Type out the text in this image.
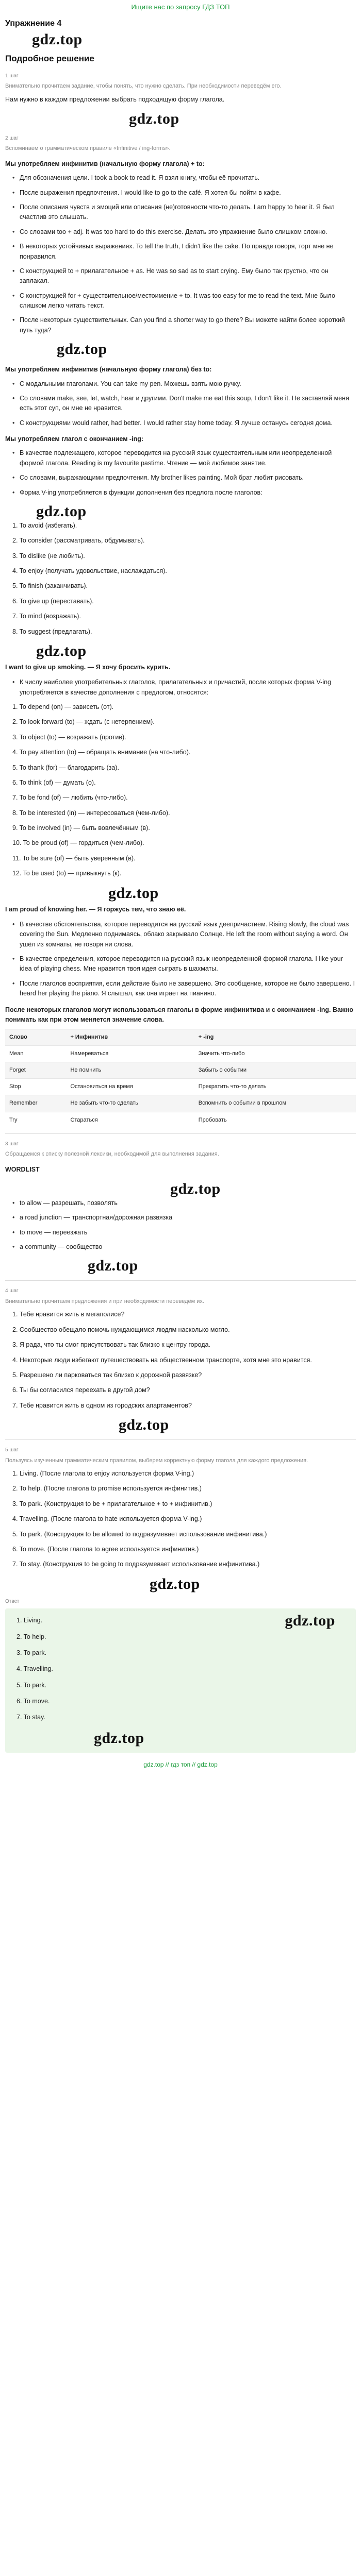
Ищите нас по запросу ГДЗ ТОП
Упражнение 4
gdz.top
Подробное решение
1 шаг
Внимательно прочитаем задание, чтобы понять, что нужно сделать. При необходимости переведём его.

Нам нужно в каждом предложении выбрать подходящую форму глагола.

gdz.top
2 шаг
Вспоминаем о грамматическом правиле «Infinitive / ing-forms».
Мы употребляем инфинитив (начальную форму глагола) + to:
• Для обозначения цели. I took a book to read it. Я взял книгу, чтобы её прочитать.
• После выражения предпочтения. I would like to go to the café. Я хотел бы пойти в кафе.
• После описания чувств и эмоций или описания (не)готовности что-то делать. I am happy to hear it. Я был счастлив это слышать.
• Со словами too + adj. It was too hard to do this exercise. Делать это упражнение было слишком сложно.
• В некоторых устойчивых выражениях. To tell the truth, I didn't like the cake. По правде говоря, торт мне не понравился.
• С конструкцией to + прилагательное + as. He was so sad as to start crying. Ему было так грустно, что он заплакал.
• С конструкцией for + существительное/местоимение + to. It was too easy for me to read the text. Мне было слишком легко читать текст.
• После некоторых существительных. Can you find a shorter way to go there? Вы можете найти более короткий путь туда?
gdz.top
Мы употребляем инфинитив (начальную форму глагола) без to:
• С модальными глаголами. You can take my pen. Можешь взять мою ручку.
• Со словами make, see, let, watch, hear и другими. Don't make me eat this soup, I don't like it. Не заставляй меня есть этот суп, он мне не нравится.
• С конструкциями would rather, had better. I would rather stay home today. Я лучше останусь сегодня дома.
Мы употребляем глагол с окончанием -ing:
• В качестве подлежащего, которое переводится на русский язык существительным или неопределенной формой глагола. Reading is my favourite pastime. Чтение — моё любимое занятие.
• Со словами, выражающими предпочтения. My brother likes painting. Мой брат любит рисовать.
• Форма V-ing употребляется в функции дополнения без предлога после глаголов:
gdz.top
1. To avoid (избегать).
2. To consider (рассматривать, обдумывать).
3. To dislike (не любить).
4. To enjoy (получать удовольствие, наслаждаться).
5. To finish (заканчивать).
6. To give up (переставать).
7. To mind (возражать).
8. To suggest (предлагать).
gdz.top

I want to give up smoking. — Я хочу бросить курить.

• К числу наиболее употребительных глаголов, прилагательных и причастий, после которых форма V-ing употребляется в качестве дополнения с предлогом, относятся:
1. To depend (on) — зависеть (от).
2. To look forward (to) — ждать (с нетерпением).
3. To object (to) — возражать (против).
4. To pay attention (to) — обращать внимание (на что-либо).
5. To thank (for) — благодарить (за).
6. To think (of) — думать (о).
7. To be fond (of) — любить (что-либо).
8. To be interested (in) — интересоваться (чем-либо).
9. To be involved (in) — быть вовлечённым (в).
10. To be proud (of) — гордиться (чем-либо).
11. To be sure (of) — быть уверенным (в).
12. To be used (to) — привыкнуть (к).
gdz.top

I am proud of knowing her. — Я горжусь тем, что знаю её.

• В качестве обстоятельства, которое переводится на русский язык деепричастием. Rising slowly, the cloud was covering the Sun. Медленно поднимаясь, облако закрывало Солнце. He left the room without saying a word. Он ушёл из комнаты, не говоря ни слова.
• В качестве определения, которое переводится на русский язык неопределенной формой глагола. I like your idea of playing chess. Мне нравится твоя идея сыграть в шахматы.
• После глаголов восприятия, если действие было не завершено. Это сообщение, которое не было завершено. I heard her playing the piano. Я слышал, как она играет на пианино.
После некоторых глаголов могут использоваться глаголы в форме инфинитива и с окончанием -ing. Важно понимать как при этом меняется значение слова.
Слово	+ Инфинитив	+ -ing
Mean	Намереваться	Значить что-либо
Forget	Не помнить	Забыть о событии
Stop	Остановиться на время	Прекратить что-то делать
Remember	Не забыть что-то сделать	Вспомнить о событии в прошлом
Try	Стараться	Пробовать
3 шаг
Обращаемся к списку полезной лексики, необходимой для выполнения задания.
WORDLIST
gdz.top
• to allow — разрешать, позволять
• a road junction — транспортная/дорожная развязка
• to move — переезжать
• a community — сообщество
gdz.top
4 шаг
Внимательно прочитаем предложения и при необходимости переведём их.
1. Тебе нравится жить в мегаполисе?
2. Сообщество обещало помочь нуждающимся людям насколько могло.
3. Я рада, что ты смог присутствовать так близко к центру города.
4. Некоторые люди избегают путешествовать на общественном транспорте, хотя мне это нравится.
5. Разрешено ли парковаться так близко к дорожной развязке?
6. Ты бы согласился переехать в другой дом?
7. Тебе нравится жить в одном из городских апартаментов?
gdz.top
5 шаг
Пользуясь изученным грамматическим правилом, выберем корректную форму глагола для каждого предложения.
1. Living. (После глагола to enjoy используется форма V-ing.)
2. To help. (После глагола to promise используется инфинитив.)
3. To park. (Конструкция to be + прилагательное + to + инфинитив.)
4. Travelling. (После глагола to hate используется форма V-ing.)
5. To park. (Конструкция to be allowed to подразумевает использование инфинитива.)
6. To move. (После глагола to agree используется инфинитив.)
7. To stay. (Конструкция to be going to подразумевает использование инфинитива.)
gdz.top
Ответ
gdz.top
1. Living.
2. To help.
3. To park.
4. Travelling.
5. To park.
6. To move.
7. To stay.
gdz.top
gdz.top // гдз топ // gdz.top
